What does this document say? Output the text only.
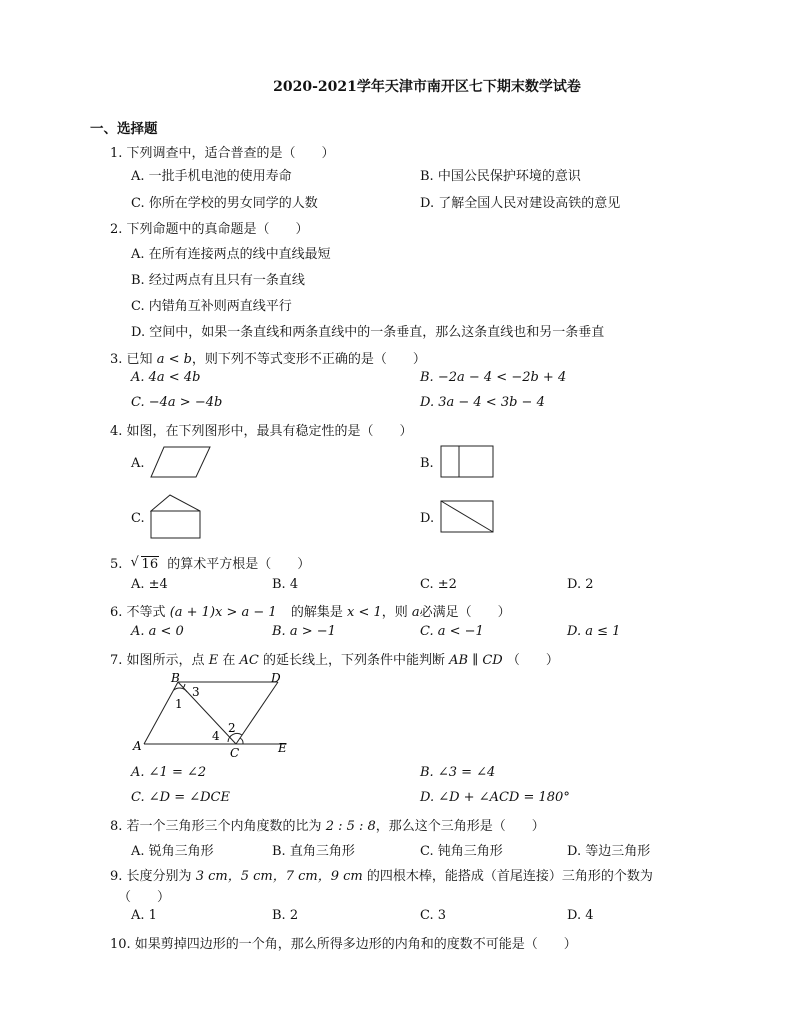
2020-2021学年天津市南开区七下期末数学试卷
一、选择题
1. 下列调查中，适合普查的是（　　）
A. 一批手机电池的使用寿命	B. 中国公民保护环境的意识
C. 你所在学校的男女同学的人数	D. 了解全国人民对建设高铁的意见
2. 下列命题中的真命题是（　　）
A. 在所有连接两点的线中直线最短
B. 经过两点有且只有一条直线
C. 内错角互补则两直线平行
D. 空间中，如果一条直线和两条直线中的一条垂直，那么这条直线也和另一条垂直
3. 已知 a < b，则下列不等式变形不正确的是（　　）
A. 4a < 4b	B. −2a − 4 < −2b + 4
C. −4a > −4b	D. 3a − 4 < 3b − 4
4. 如图，在下列图形中，最具有稳定性的是（　　）
A.	B.
C.	D.
5. √ 16 的算术平方根是（　　）
A. ±4	B. 4	C. ±2	D. 2
6. 不等式 (a + 1)x > a − 1 的解集是 x < 1，则 a必满足（　　）
A. a < 0	B. a > −1	C. a < −1	D. a ≤ 1
7. 如图所示，点 E 在 AC 的延长线上，下列条件中能判断 AB ∥ CD （　　）
B	D
A	C	E
1
2
3
4
A. ∠1 = ∠2	B. ∠3 = ∠4
C. ∠D = ∠DCE	D. ∠D + ∠ACD = 180°
8. 若一个三角形三个内角度数的比为 2 : 5 : 8，那么这个三角形是（　　）
A. 锐角三角形	B. 直角三角形	C. 钝角三角形	D. 等边三角形
9. 长度分别为 3 cm，5 cm，7 cm，9 cm 的四根木棒，能搭成（首尾连接）三角形的个数为
（　　）
A. 1	B. 2	C. 3	D. 4
10. 如果剪掉四边形的一个角，那么所得多边形的内角和的度数不可能是（　　）
